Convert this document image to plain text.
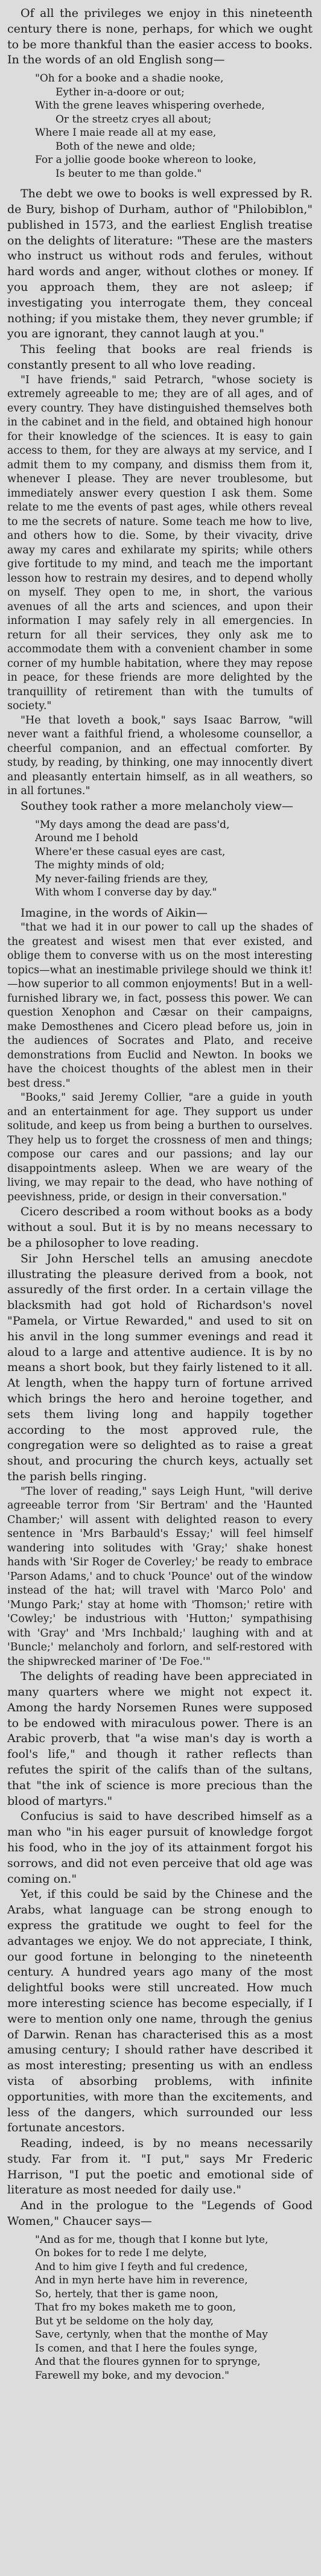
Of all the privileges we enjoy in this nineteenth century there is none, perhaps, for which we ought to be more thankful than the easier access to books. In the words of an old English song—

"Oh for a booke and a shadie nooke,
Eyther in-a-doore or out;
With the grene leaves whispering overhede,
Or the streetz cryes all about;
Where I maie reade all at my ease,
Both of the newe and olde;
For a jollie goode booke whereon to looke,
Is beuter to me than golde."

The debt we owe to books is well expressed by R. de Bury, bishop of Durham, author of "Philobiblon," published in 1573, and the earliest English treatise on the delights of literature: "These are the masters who instruct us without rods and ferules, without hard words and anger, without clothes or money. If you approach them, they are not asleep; if investigating you interrogate them, they conceal nothing; if you mistake them, they never grumble; if you are ignorant, they cannot laugh at you."

This feeling that books are real friends is constantly present to all who love reading.

"I have friends," said Petrarch, "whose society is extremely agreeable to me; they are of all ages, and of every country. They have distinguished themselves both in the cabinet and in the field, and obtained high honour for their knowledge of the sciences. It is easy to gain access to them, for they are always at my service, and I admit them to my company, and dismiss them from it, whenever I please. They are never troublesome, but immediately answer every question I ask them. Some relate to me the events of past ages, while others reveal to me the secrets of nature. Some teach me how to live, and others how to die. Some, by their vivacity, drive away my cares and exhilarate my spirits; while others give fortitude to my mind, and teach me the important lesson how to restrain my desires, and to depend wholly on myself. They open to me, in short, the various avenues of all the arts and sciences, and upon their information I may safely rely in all emergencies. In return for all their services, they only ask me to accommodate them with a convenient chamber in some corner of my humble habitation, where they may repose in peace, for these friends are more delighted by the tranquillity of retirement than with the tumults of society."

"He that loveth a book," says Isaac Barrow, "will never want a faithful friend, a wholesome counsellor, a cheerful companion, and an effectual comforter. By study, by reading, by thinking, one may innocently divert and pleasantly entertain himself, as in all weathers, so in all fortunes."

Southey took rather a more melancholy view—

"My days among the dead are pass'd,
Around me I behold
Where'er these casual eyes are cast,
The mighty minds of old;
My never-failing friends are they,
With whom I converse day by day."

Imagine, in the words of Aikin—

"that we had it in our power to call up the shades of the greatest and wisest men that ever existed, and oblige them to converse with us on the most interesting topics—what an inestimable privilege should we think it!—how superior to all common enjoyments! But in a well-furnished library we, in fact, possess this power. We can question Xenophon and Cæsar on their campaigns, make Demosthenes and Cicero plead before us, join in the audiences of Socrates and Plato, and receive demonstrations from Euclid and Newton. In books we have the choicest thoughts of the ablest men in their best dress."

"Books," said Jeremy Collier, "are a guide in youth and an entertainment for age. They support us under solitude, and keep us from being a burthen to ourselves. They help us to forget the crossness of men and things; compose our cares and our passions; and lay our disappointments asleep. When we are weary of the living, we may repair to the dead, who have nothing of peevishness, pride, or design in their conversation."

Cicero described a room without books as a body without a soul. But it is by no means necessary to be a philosopher to love reading.

Sir John Herschel tells an amusing anecdote illustrating the pleasure derived from a book, not assuredly of the first order. In a certain village the blacksmith had got hold of Richardson's novel "Pamela, or Virtue Rewarded," and used to sit on his anvil in the long summer evenings and read it aloud to a large and attentive audience. It is by no means a short book, but they fairly listened to it all. At length, when the happy turn of fortune arrived which brings the hero and heroine together, and sets them living long and happily together according to the most approved rule, the congregation were so delighted as to raise a great shout, and procuring the church keys, actually set the parish bells ringing.

"The lover of reading," says Leigh Hunt, "will derive agreeable terror from 'Sir Bertram' and the 'Haunted Chamber;' will assent with delighted reason to every sentence in 'Mrs Barbauld's Essay;' will feel himself wandering into solitudes with 'Gray;' shake honest hands with 'Sir Roger de Coverley;' be ready to embrace 'Parson Adams,' and to chuck 'Pounce' out of the window instead of the hat; will travel with 'Marco Polo' and 'Mungo Park;' stay at home with 'Thomson;' retire with 'Cowley;' be industrious with 'Hutton;' sympathising with 'Gray' and 'Mrs Inchbald;' laughing with and at 'Buncle;' melancholy and forlorn, and self-restored with the shipwrecked mariner of 'De Foe.'"

The delights of reading have been appreciated in many quarters where we might not expect it. Among the hardy Norsemen Runes were supposed to be endowed with miraculous power. There is an Arabic proverb, that "a wise man's day is worth a fool's life," and though it rather reflects than refutes the spirit of the califs than of the sultans, that "the ink of science is more precious than the blood of martyrs."

Confucius is said to have described himself as a man who "in his eager pursuit of knowledge forgot his food, who in the joy of its attainment forgot his sorrows, and did not even perceive that old age was coming on."

Yet, if this could be said by the Chinese and the Arabs, what language can be strong enough to express the gratitude we ought to feel for the advantages we enjoy. We do not appreciate, I think, our good fortune in belonging to the nineteenth century. A hundred years ago many of the most delightful books were still uncreated. How much more interesting science has become especially, if I were to mention only one name, through the genius of Darwin. Renan has characterised this as a most amusing century; I should rather have described it as most interesting; presenting us with an endless vista of absorbing problems, with infinite opportunities, with more than the excitements, and less of the dangers, which surrounded our less fortunate ancestors.

Reading, indeed, is by no means necessarily study. Far from it. "I put," says Mr Frederic Harrison, "I put the poetic and emotional side of literature as most needed for daily use."

And in the prologue to the "Legends of Good Women," Chaucer says—

"And as for me, though that I konne but lyte,
On bokes for to rede I me delyte,
And to him give I feyth and ful credence,
And in myn herte have him in reverence,
So, hertely, that ther is game noon,
That fro my bokes maketh me to goon,
But yt be seldome on the holy day,
Save, certynly, when that the monthe of May
Is comen, and that I here the foules synge,
And that the floures gynnen for to sprynge,
Farewell my boke, and my devocion."
